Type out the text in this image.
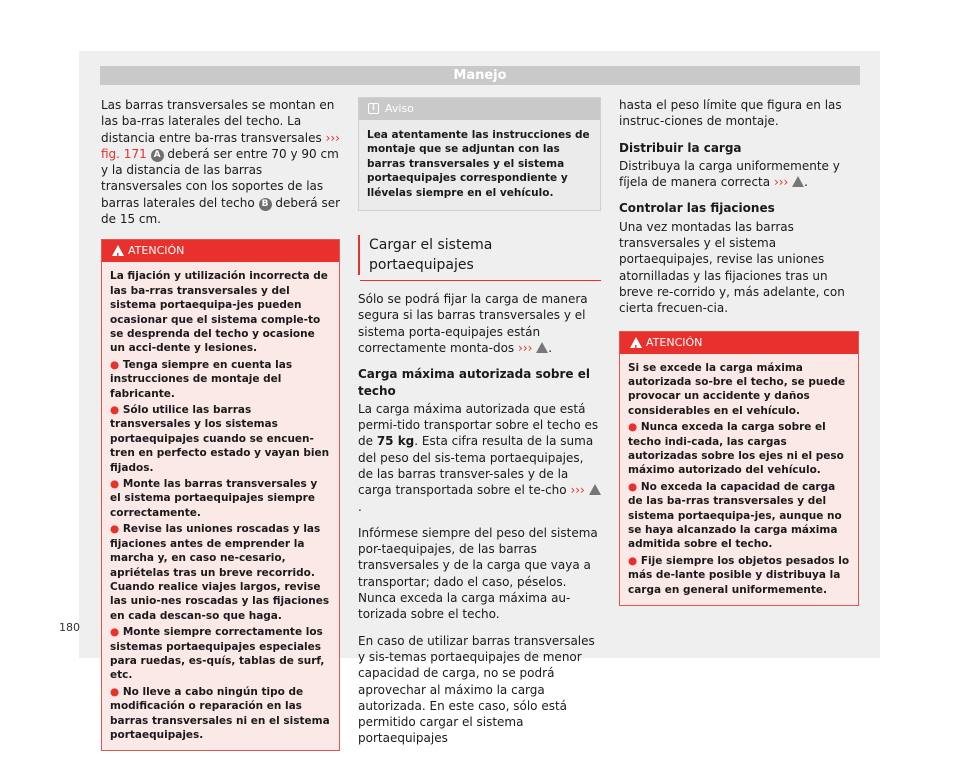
Manejo

Las barras transversales se montan en las ba-rras laterales del techo. La distancia entre ba-rras transversales ››› fig. 171 A deberá ser entre 70 y 90 cm y la distancia de las barras transversales con los soportes de las barras laterales del techo B deberá ser de 15 cm.

!
ATENCIÓN
La fijación y utilización incorrecta de las ba-rras transversales y del sistema portaequipa-jes pueden ocasionar que el sistema comple-to se desprenda del techo y ocasione un acci-dente y lesiones.
● Tenga siempre en cuenta las instrucciones de montaje del fabricante.
● Sólo utilice las barras transversales y los sistemas portaequipajes cuando se encuen-tren en perfecto estado y vayan bien fijados.
● Monte las barras transversales y el sistema portaequipajes siempre correctamente.
● Revise las uniones roscadas y las fijaciones antes de emprender la marcha y, en caso ne-cesario, apriételas tras un breve recorrido. Cuando realice viajes largos, revise las unio-nes roscadas y las fijaciones en cada descan-so que haga.
● Monte siempre correctamente los sistemas portaequipajes especiales para ruedas, es-quís, tablas de surf, etc.
● No lleve a cabo ningún tipo de modificación o reparación en las barras transversales ni en el sistema portaequipajes.
i Aviso
Lea atentamente las instrucciones de montaje que se adjuntan con las barras transversales y el sistema portaequipajes correspondiente y llévelas siempre en el vehículo.
Cargar el sistema portaequipajes

Sólo se podrá fijar la carga de manera segura si las barras transversales y el sistema porta-equipajes están correctamente monta-dos ››› .

Carga máxima autorizada sobre el techo

La carga máxima autorizada que está permi-tido transportar sobre el techo es de 75 kg. Esta cifra resulta de la suma del peso del sis-tema portaequipajes, de las barras transver-sales y de la carga transportada sobre el te-cho ››› .

Infórmese siempre del peso del sistema por-taequipajes, de las barras transversales y de la carga que vaya a transportar; dado el caso, péselos. Nunca exceda la carga máxima au-torizada sobre el techo.

En caso de utilizar barras transversales y sis-temas portaequipajes de menor capacidad de carga, no se podrá aprovechar al máximo la carga autorizada. En este caso, sólo está permitido cargar el sistema portaequipajes

hasta el peso límite que figura en las instruc-ciones de montaje.

Distribuir la carga

Distribuya la carga uniformemente y fíjela de manera correcta ››› .

Controlar las fijaciones

Una vez montadas las barras transversales y el sistema portaequipajes, revise las uniones atornilladas y las fijaciones tras un breve re-corrido y, más adelante, con cierta frecuen-cia.

!
ATENCIÓN
Si se excede la carga máxima autorizada so-bre el techo, se puede provocar un accidente y daños considerables en el vehículo.
● Nunca exceda la carga sobre el techo indi-cada, las cargas autorizadas sobre los ejes ni el peso máximo autorizado del vehículo.
● No exceda la capacidad de carga de las ba-rras transversales y del sistema portaequipa-jes, aunque no se haya alcanzado la carga máxima admitida sobre el techo.
● Fije siempre los objetos pesados lo más de-lante posible y distribuya la carga en general uniformemente.
180
